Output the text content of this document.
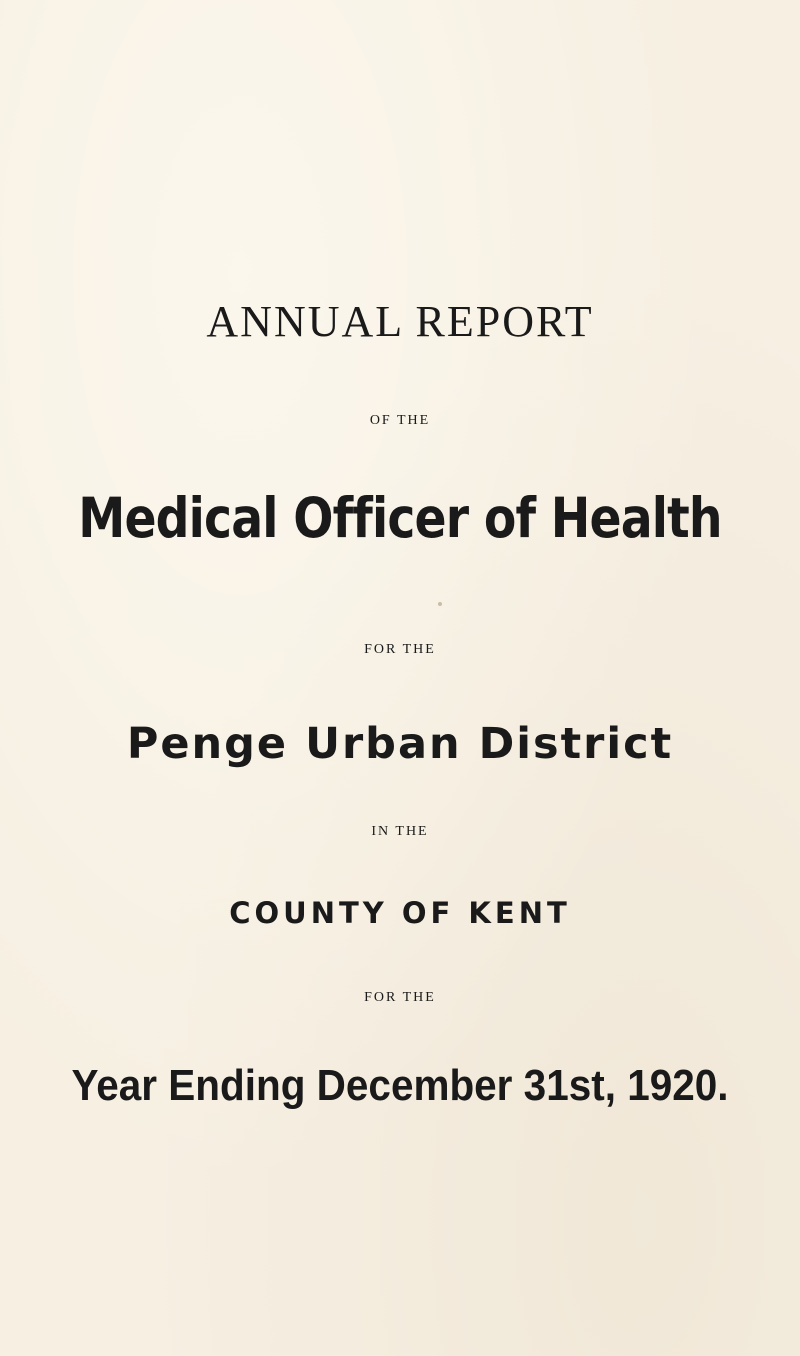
ANNUAL REPORT

OF THE

Medical Officer of Health

FOR THE

Penge Urban District

IN THE

COUNTY OF KENT

FOR THE

Year Ending December 31st, 1920.
